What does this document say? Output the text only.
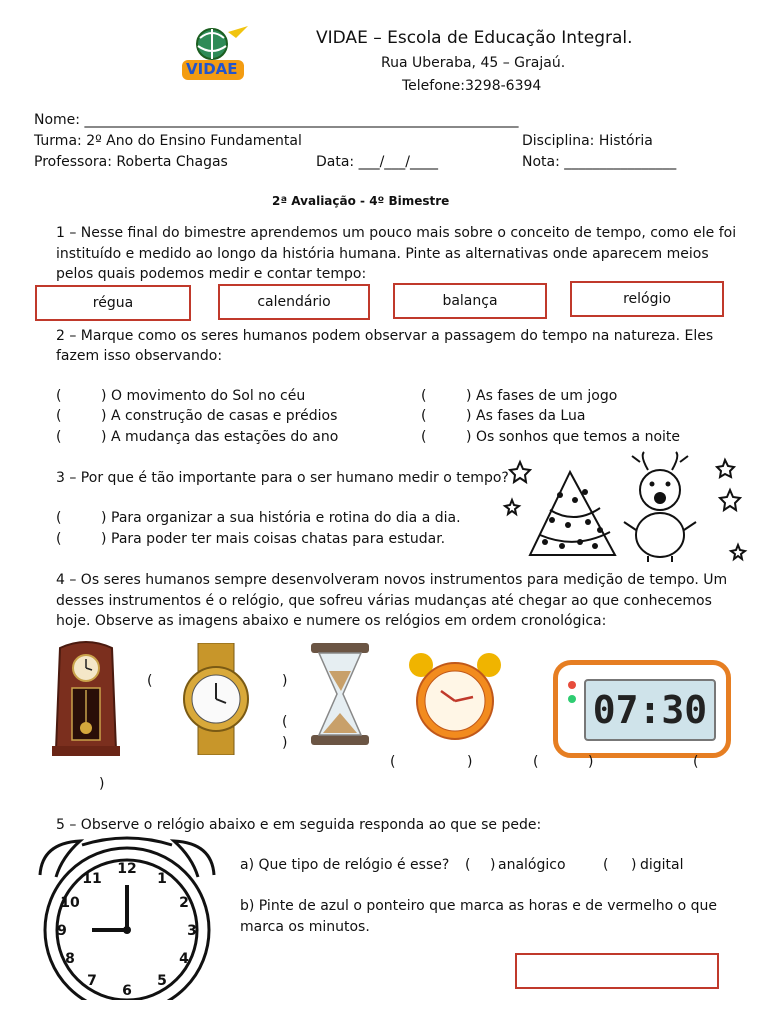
VIDAE
VIDAE – Escola de Educação Integral.
Rua Uberaba, 45 – Grajaú.
Telefone:3298-6394
Nome: ______________________________________________________________
Turma: 2º Ano do Ensino Fundamental	Disciplina: História
Professora: Roberta Chagas	Data: ___/___/____	Nota: ________________
2ª Avaliação - 4º Bimestre
1 – Nesse final do bimestre aprendemos um pouco mais sobre o conceito de tempo, como ele foi
instituído e medido ao longo da história humana. Pinte as alternativas onde aparecem meios
pelos quais podemos medir e contar tempo:
régua	calendário	balança	relógio
2 – Marque como os seres humanos podem observar a passagem do tempo na natureza. Eles
fazem isso observando:
(	) O movimento do Sol no céu
(	) A construção de casas e prédios
(	) A mudança das estações do ano
(	) As fases de um jogo
(	) As fases da Lua
(	) Os sonhos que temos a noite
3 – Por que é tão importante para o ser humano medir o tempo?
(	) Para organizar a sua história e rotina do dia a dia.
(	) Para poder ter mais coisas chatas para estudar.
4 – Os seres humanos sempre desenvolveram novos instrumentos para medição de tempo. Um
desses instrumentos é o relógio, que sofreu várias mudanças até chegar ao que conhecemos
hoje. Observe as imagens abaixo e numere os relógios em ordem cronológica:
07:30
(	)
(
)
(	)	(	)	(
)
5 – Observe o relógio abaixo e em seguida responda ao que se pede:
12
1
2
3
4
5
6
7
8
9
10
11
a) Que tipo de relógio é esse? ( ) analógico	( ) digital
b) Pinte de azul o ponteiro que marca as horas e de vermelho o que
marca os minutos.
